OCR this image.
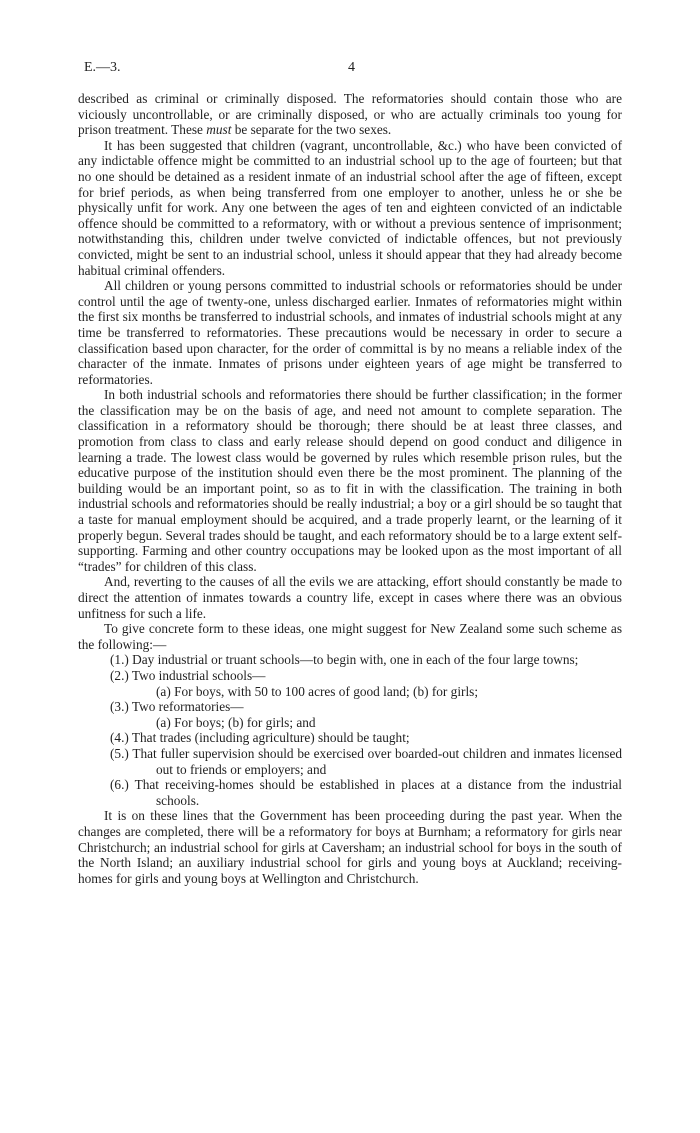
E.—3.	4

described as criminal or criminally disposed. The reformatories should contain those who are viciously uncontrollable, or are criminally disposed, or who are actually criminals too young for prison treatment. These must be separate for the two sexes.

It has been suggested that children (vagrant, uncontrollable, &c.) who have been convicted of any indictable offence might be committed to an industrial school up to the age of fourteen; but that no one should be detained as a resident inmate of an industrial school after the age of fifteen, except for brief periods, as when being transferred from one employer to another, unless he or she be physically unfit for work. Any one between the ages of ten and eighteen convicted of an indictable offence should be committed to a reformatory, with or without a previous sentence of imprisonment; notwithstanding this, children under twelve convicted of indictable offences, but not previously convicted, might be sent to an industrial school, unless it should appear that they had already become habitual criminal offenders.

All children or young persons committed to industrial schools or reformatories should be under control until the age of twenty-one, unless discharged earlier. Inmates of reformatories might within the first six months be transferred to industrial schools, and inmates of industrial schools might at any time be transferred to reformatories. These precautions would be necessary in order to secure a classification based upon character, for the order of committal is by no means a reliable index of the character of the inmate. Inmates of prisons under eighteen years of age might be transferred to reformatories.

In both industrial schools and reformatories there should be further classification; in the former the classification may be on the basis of age, and need not amount to complete separation. The classification in a reformatory should be thorough; there should be at least three classes, and promotion from class to class and early release should depend on good conduct and diligence in learning a trade. The lowest class would be governed by rules which resemble prison rules, but the educative purpose of the institution should even there be the most prominent. The planning of the building would be an important point, so as to fit in with the classification. The training in both industrial schools and reformatories should be really industrial; a boy or a girl should be so taught that a taste for manual employment should be acquired, and a trade properly learnt, or the learning of it properly begun. Several trades should be taught, and each reformatory should be to a large extent self-supporting. Farming and other country occupations may be looked upon as the most important of all “trades” for children of this class.

And, reverting to the causes of all the evils we are attacking, effort should constantly be made to direct the attention of inmates towards a country life, except in cases where there was an obvious unfitness for such a life.

To give concrete form to these ideas, one might suggest for New Zealand some such scheme as the following:—

(1.) Day industrial or truant schools—to begin with, one in each of the four large towns;
(2.) Two industrial schools—

(a) For boys, with 50 to 100 acres of good land; (b) for girls;

(3.) Two reformatories—

(a) For boys; (b) for girls; and

(4.) That trades (including agriculture) should be taught;
(5.) That fuller supervision should be exercised over boarded-out children and inmates licensed out to friends or employers; and
(6.) That receiving-homes should be established in places at a distance from the industrial schools.

It is on these lines that the Government has been proceeding during the past year. When the changes are completed, there will be a reformatory for boys at Burnham; a reformatory for girls near Christchurch; an industrial school for girls at Caversham; an industrial school for boys in the south of the North Island; an auxiliary industrial school for girls and young boys at Auckland; receiving-homes for girls and young boys at Wellington and Christchurch.
